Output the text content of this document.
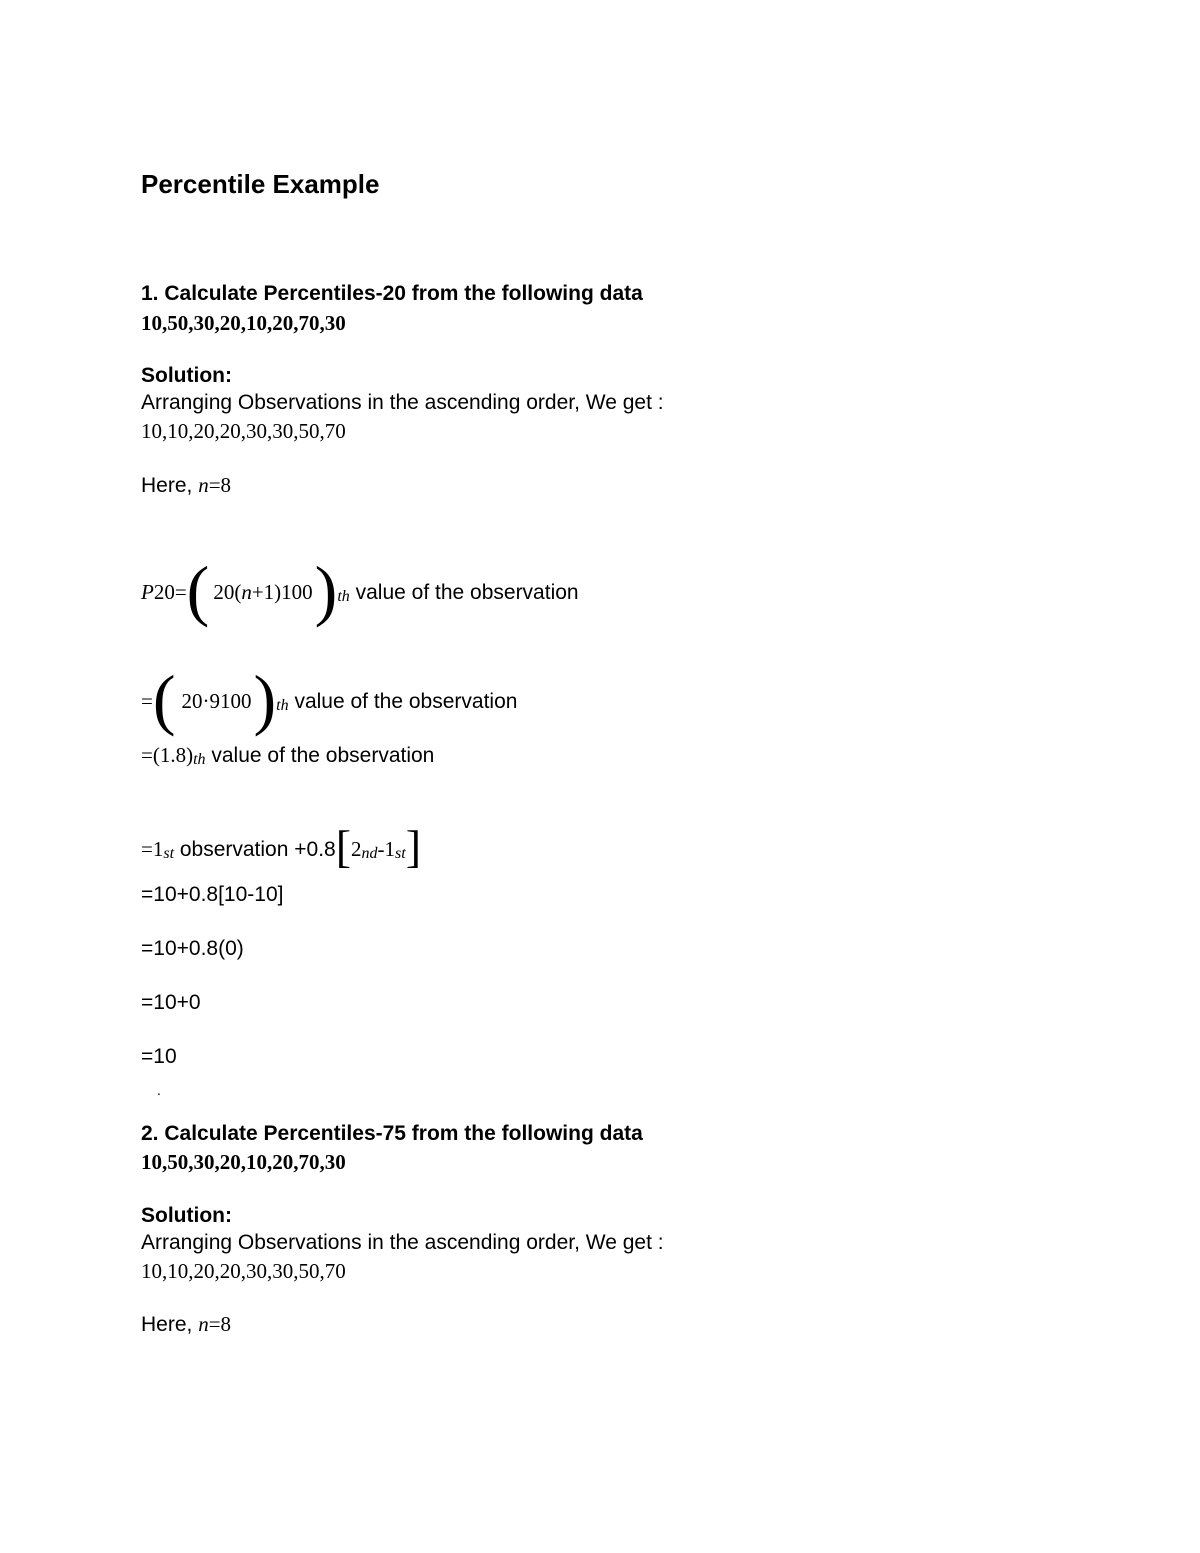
Percentile Example
1. Calculate Percentiles-20 from the following data
10,50,30,20,10,20,70,30
Solution:
Arranging Observations in the ascending order, We get :
10,10,20,20,30,30,50,70
Here, n=8
P20=( 20(n+1)100)th value of the observation
=( 20·9100)th value of the observation
=(1.8)th value of the observation
=1st observation +0.8[2nd-1st]
=10+0.8[10-10]
=10+0.8(0)
=10+0
=10
.
2. Calculate Percentiles-75 from the following data
10,50,30,20,10,20,70,30
Solution:
Arranging Observations in the ascending order, We get :
10,10,20,20,30,30,50,70
Here, n=8
